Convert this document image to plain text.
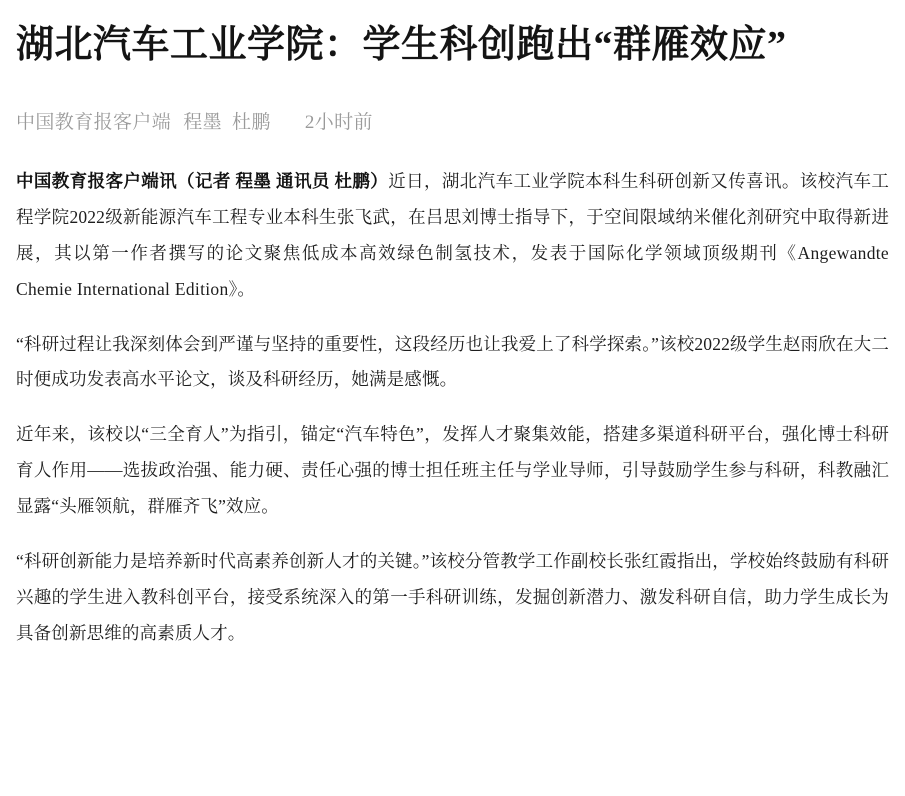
湖北汽车工业学院：学生科创跑出“群雁效应”
中国教育报客户端 程墨 杜鹏 2小时前

中国教育报客户端讯（记者 程墨 通讯员 杜鹏）近日，湖北汽车工业学院本科生科研创新又传喜讯。该校汽车工程学院2022级新能源汽车工程专业本科生张飞武，在吕思刘博士指导下，于空间限域纳米催化剂研究中取得新进展，其以第一作者撰写的论文聚焦低成本高效绿色制氢技术，发表于国际化学领域顶级期刊《Angewandte Chemie International Edition》。

“科研过程让我深刻体会到严谨与坚持的重要性，这段经历也让我爱上了科学探索。”该校2022级学生赵雨欣在大二时便成功发表高水平论文，谈及科研经历，她满是感慨。

近年来，该校以“三全育人”为指引，锚定“汽车特色”，发挥人才聚集效能，搭建多渠道科研平台，强化博士科研育人作用——选拔政治强、能力硬、责任心强的博士担任班主任与学业导师，引导鼓励学生参与科研，科教融汇显露“头雁领航，群雁齐飞”效应。

“科研创新能力是培养新时代高素养创新人才的关键。”该校分管教学工作副校长张红霞指出，学校始终鼓励有科研兴趣的学生进入教科创平台，接受系统深入的第一手科研训练，发掘创新潜力、激发科研自信，助力学生成长为具备创新思维的高素质人才。
